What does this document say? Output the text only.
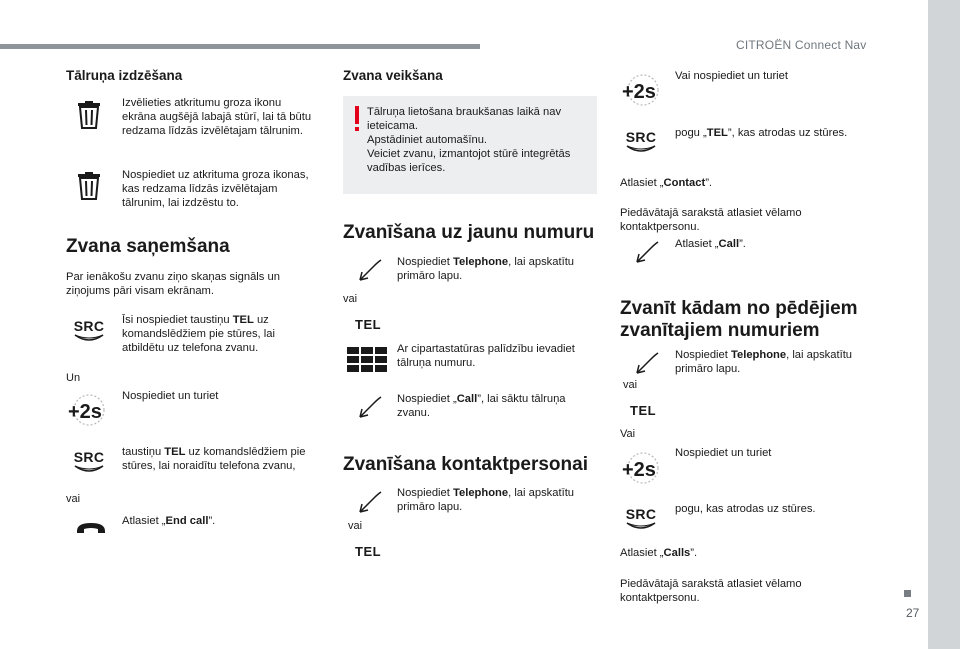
CITROËN Connect Nav
27
Tālruņa izdzēšana
Izvēlieties atkritumu groza ikonu ekrāna augšējā labajā stūrī, lai tā būtu redzama līdzās izvēlētajam tālrunim.
Nospiediet uz atkrituma groza ikonas, kas redzama līdzās izvēlētajam tālrunim, lai izdzēstu to.
Zvana saņemšana
Par ienākošu zvanu ziņo skaņas signāls un ziņojums pāri visam ekrānam.
SRC Īsi nospiediet taustiņu TEL uz komandslēdžiem pie stūres, lai atbildētu uz telefona zvanu.
Un
+2s
Nospiediet un turiet
SRC taustiņu TEL uz komandslēdžiem pie stūres, lai noraidītu telefona zvanu,
vai
Atlasiet „End call”.
Zvana veikšana
Tālruņa lietošana braukšanas laikā nav ieteicama.
Apstādiniet automašīnu.
Veiciet zvanu, izmantojot stūrē integrētās vadības ierīces.
Zvanīšana uz jaunu numuru
Nospiediet Telephone, lai apskatītu primāro lapu.
vai
TEL
Ar cipartastatūras palīdzību ievadiet tālruņa numuru.
Nospiediet „Call”, lai sāktu tālruņa zvanu.
Zvanīšana kontaktpersonai
Nospiediet Telephone, lai apskatītu primāro lapu.
vai
TEL
+2s
Vai nospiediet un turiet
SRC pogu „TEL”, kas atrodas uz stūres.
Atlasiet „Contact”.
Piedāvātajā sarakstā atlasiet vēlamo kontaktpersonu.
Atlasiet „Call”.
Zvanīt kādam no pēdējiem zvanītajiem numuriem
Nospiediet Telephone, lai apskatītu primāro lapu.
vai
TEL
Vai
+2s
Nospiediet un turiet
SRC pogu, kas atrodas uz stūres.
Atlasiet „Calls”.
Piedāvātajā sarakstā atlasiet vēlamo kontaktpersonu.
